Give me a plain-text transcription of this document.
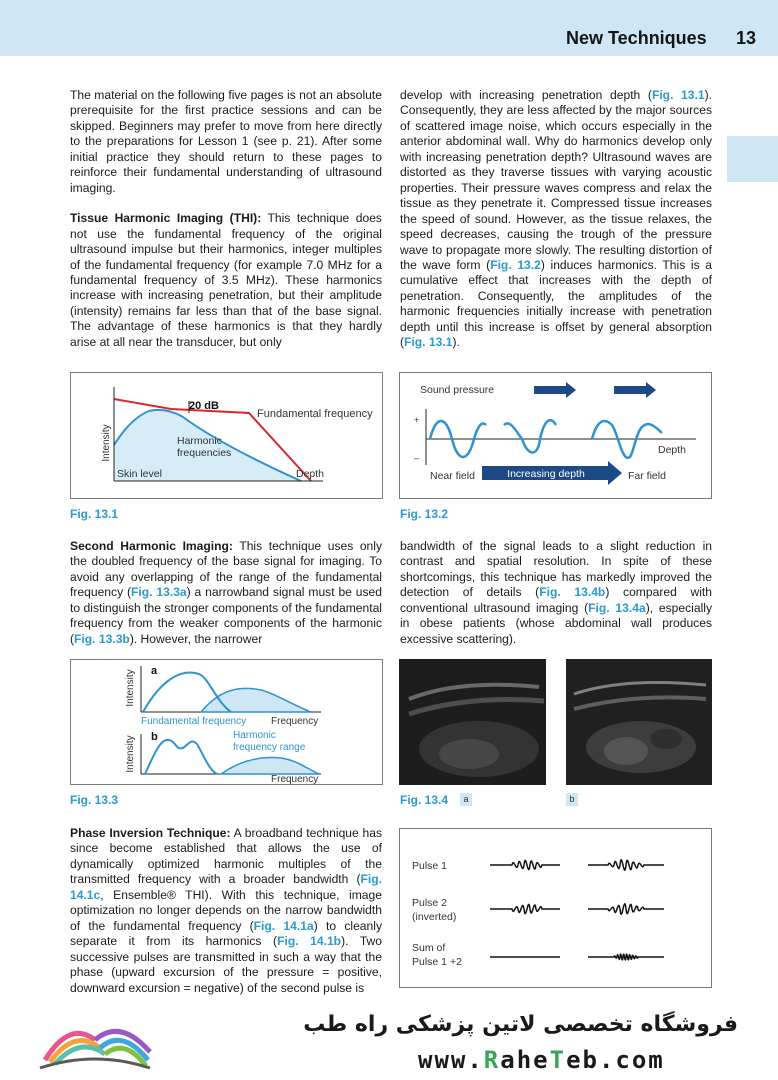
New Techniques 13

The material on the following five pages is not an absolute prerequisite for the first practice sessions and can be skipped. Beginners may prefer to move from here directly to the preparations for Lesson 1 (see p. 21). After some initial practice they should return to these pages to reinforce their fundamental understanding of ultrasound imaging.

Tissue Harmonic Imaging (THI): This technique does not use the fundamental frequency of the original ultrasound impulse but their harmonics, integer multiples of the fundamental frequency (for example 7.0 MHz for a fundamental frequency of 3.5 MHz). These harmonics increase with increasing penetration, but their amplitude (intensity) remains far less than that of the base signal. The advantage of these harmonics is that they hardly arise at all near the transducer, but only

develop with increasing penetration depth (Fig. 13.1). Consequently, they are less affected by the major sources of scattered image noise, which occurs especially in the anterior abdominal wall. Why do harmonics develop only with increasing penetration depth? Ultrasound waves are distorted as they traverse tissues with varying acoustic properties. Their pressure waves compress and relax the tissue as they penetrate it. Compressed tissue increases the speed of sound. However, as the tissue relaxes, the speed decreases, causing the trough of the pressure wave to propagate more slowly. The resulting distortion of the wave form (Fig. 13.2) induces harmonics. This is a cumulative effect that increases with the depth of penetration. Consequently, the amplitudes of the harmonic frequencies initially increase with penetration depth until this increase is offset by general absorption (Fig. 13.1).

Intensity
20 dB
Fundamental frequency
Harmonic
frequencies
Skin level	Depth
Fig. 13.1
Sound pressure
+
–
Depth
Near field	Increasing depth	Far field
Fig. 13.2

Second Harmonic Imaging: This technique uses only the doubled frequency of the base signal for imaging. To avoid any overlapping of the range of the fundamental frequency (Fig. 13.3a) a narrowband signal must be used to distinguish the stronger components of the fundamental frequency from the weaker components of the harmonic (Fig. 13.3b). However, the narrower

bandwidth of the signal leads to a slight reduction in contrast and spatial resolution. In spite of these shortcomings, this technique has markedly improved the detection of details (Fig. 13.4b) compared with conventional ultrasound imaging (Fig. 13.4a), especially in obese patients (whose abdominal wall produces excessive scattering).

Intensity a
Fundamental frequency Frequency
Intensity b	Harmonic
frequency range
Frequency
Fig. 13.3	Fig. 13.4	a	b

Phase Inversion Technique: A broadband technique has since become established that allows the use of dynamically optimized harmonic multiples of the transmitted frequency with a broader bandwidth (Fig. 14.1c, Ensemble® THI). With this technique, image optimization no longer depends on the narrow bandwidth of the fundamental frequency (Fig. 14.1a) to cleanly separate it from its harmonics (Fig. 14.1b). Two successive pulses are transmitted in such a way that the phase (upward excursion of the pressure = positive, downward excursion = negative) of the second pulse is

Pulse 1
Pulse 2
(inverted)
Sum of
Pulse 1 +2
فروشگاه تخصصی لاتین پزشکی راه طب
www.RaheTeb.com
